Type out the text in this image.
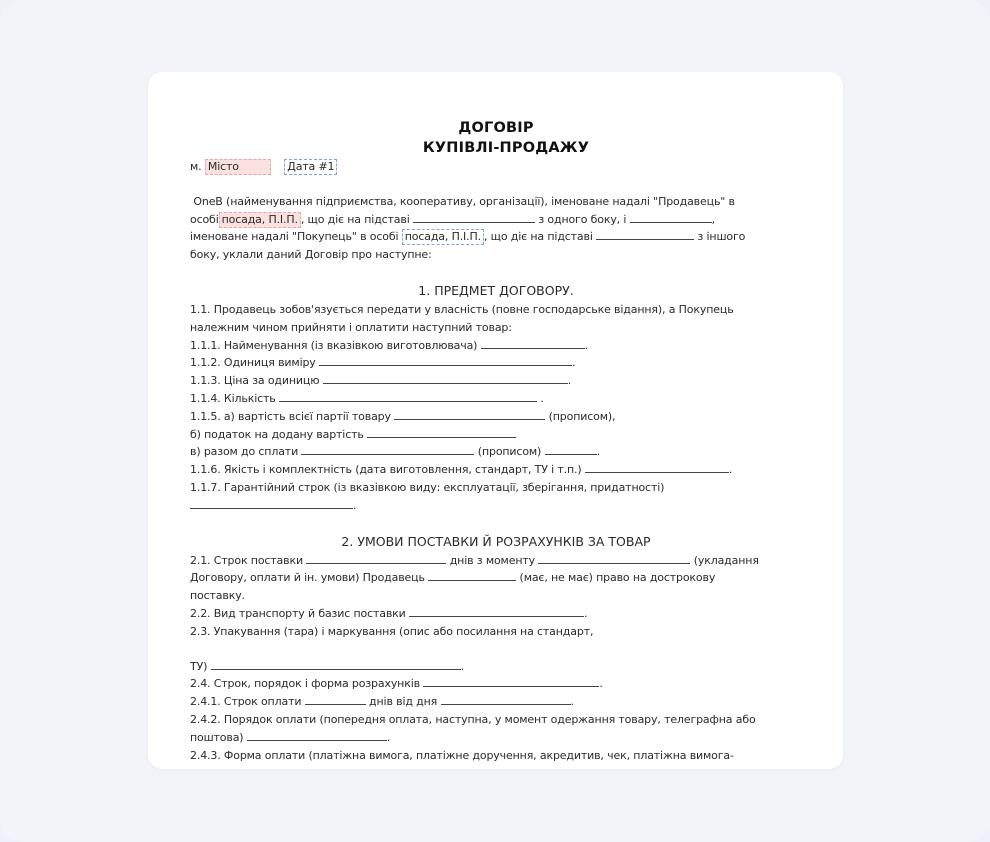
ДОГОВІР
КУПІВЛІ-ПРОДАЖУ
м. Місто	Дата #1
OneB (найменування підприємства, кооперативу, організації), іменоване надалі "Продавець" в
особі посада, П.І.П. , що діє на підставі	з одного боку, і	,
іменоване надалі "Покупець" в особі посада, П.І.П. , що діє на підставі	з іншого
боку, уклали даний Договір про наступне:
1. ПРЕДМЕТ ДОГОВОРУ.
1.1. Продавець зобов'язується передати у власність (повне господарське відання), а Покупець
належним чином прийняти і оплатити наступний товар:
1.1.1. Найменування (із вказівкою виготовлювача)	.
1.1.2. Одиниця виміру	.
1.1.3. Ціна за одиницю	.
1.1.4. Кількість	.
1.1.5. а) вартість всієї партії товару	(прописом),
б) податок на додану вартість
в) разом до сплати	(прописом)	.
1.1.6. Якість і комплектність (дата виготовлення, стандарт, ТУ і т.п.)	.
1.1.7. Гарантійний строк (із вказівкою виду: експлуатації, зберігання, придатності)
.
2. УМОВИ ПОСТАВКИ Й РОЗРАХУНКІВ ЗА ТОВАР
2.1. Строк поставки	днів з моменту	(укладання
Договору, оплати й ін. умови) Продавець	(має, не має) право на дострокову
поставку.
2.2. Вид транспорту й базис поставки	.
2.3. Упакування (тара) і маркування (опис або посилання на стандарт,
ТУ)	.
2.4. Строк, порядок і форма розрахунків	.
2.4.1. Строк оплати	днів від дня	.
2.4.2. Порядок оплати (попередня оплата, наступна, у момент одержання товару, телеграфна або
поштова)	.
2.4.3. Форма оплати (платіжна вимога, платіжне доручення, акредитив, чек, платіжна вимога-
